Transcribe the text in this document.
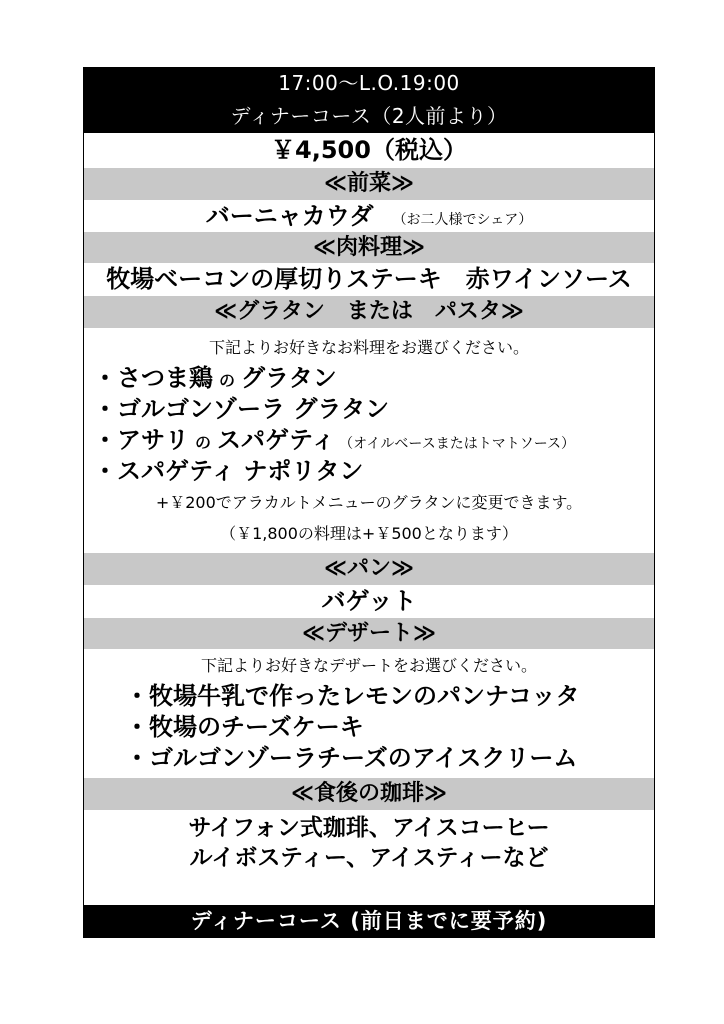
17:00～L.O.19:00
ディナーコース（2人前より）
￥4,500（税込）
≪前菜≫
バーニャカウダ （お二人様でシェア）
≪肉料理≫
牧場ベーコンの厚切りステーキ　赤ワインソース
≪グラタン　または　パスタ≫
下記よりお好きなお料理をお選びください。
・さつま鶏 の グラタン
・ゴルゴンゾーラ グラタン
・アサリ の スパゲティ （オイルベースまたはトマトソース）
・スパゲティ ナポリタン
+￥200でアラカルトメニューのグラタンに変更できます。
（￥1,800の料理は+￥500となります）
≪パン≫
バゲット
≪デザート≫
下記よりお好きなデザートをお選びください。
・牧場牛乳で作ったレモンのパンナコッタ
・牧場のチーズケーキ
・ゴルゴンゾーラチーズのアイスクリーム
≪食後の珈琲≫
サイフォン式珈琲、アイスコーヒー
ルイボスティー、アイスティーなど
ディナーコース (前日までに要予約)
